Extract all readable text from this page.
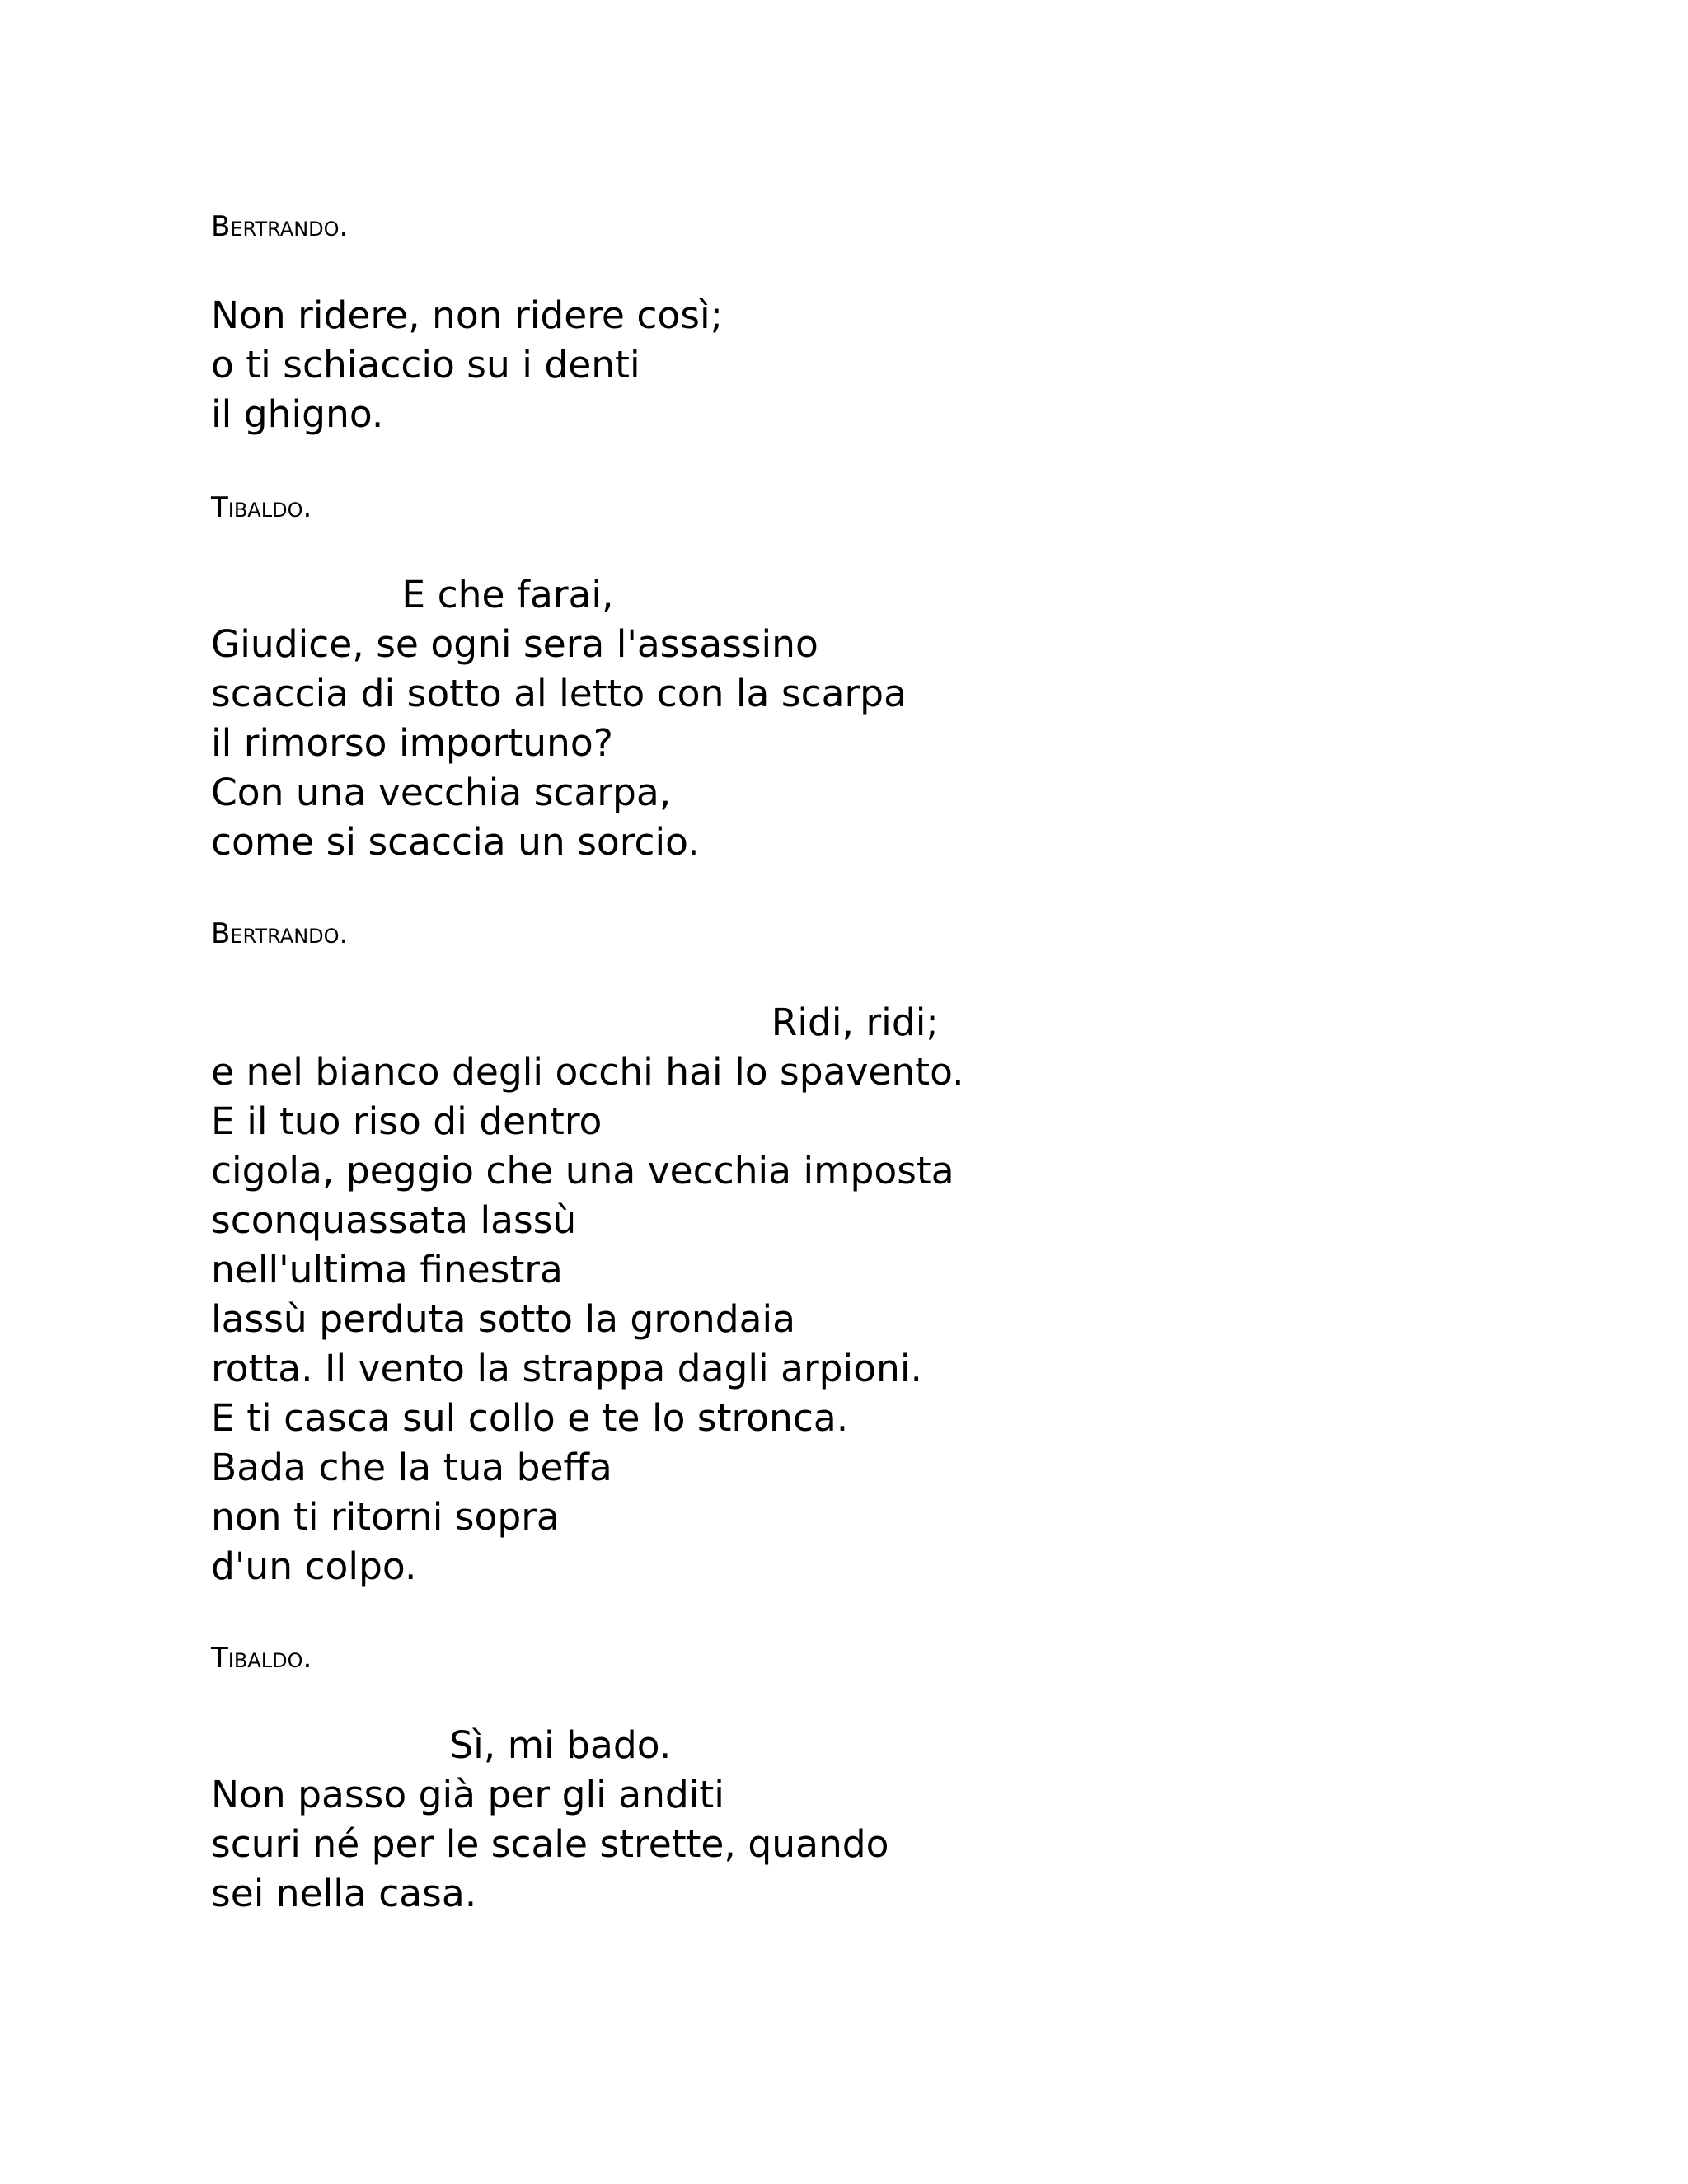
Bertrando.
Non ridere, non ridere così;
o ti schiaccio su i denti
il ghigno.
Tibaldo.
E che farai,
Giudice, se ogni sera l'assassino
scaccia di sotto al letto con la scarpa
il rimorso importuno?
Con una vecchia scarpa,
come si scaccia un sorcio.
Bertrando.
Ridi, ridi;
e nel bianco degli occhi hai lo spavento.
E il tuo riso di dentro
cigola, peggio che una vecchia imposta
sconquassata lassù
nell'ultima finestra
lassù perduta sotto la grondaia
rotta. Il vento la strappa dagli arpioni.
E ti casca sul collo e te lo stronca.
Bada che la tua beffa
non ti ritorni sopra
d'un colpo.
Tibaldo.
Sì, mi bado.
Non passo già per gli anditi
scuri né per le scale strette, quando
sei nella casa.
